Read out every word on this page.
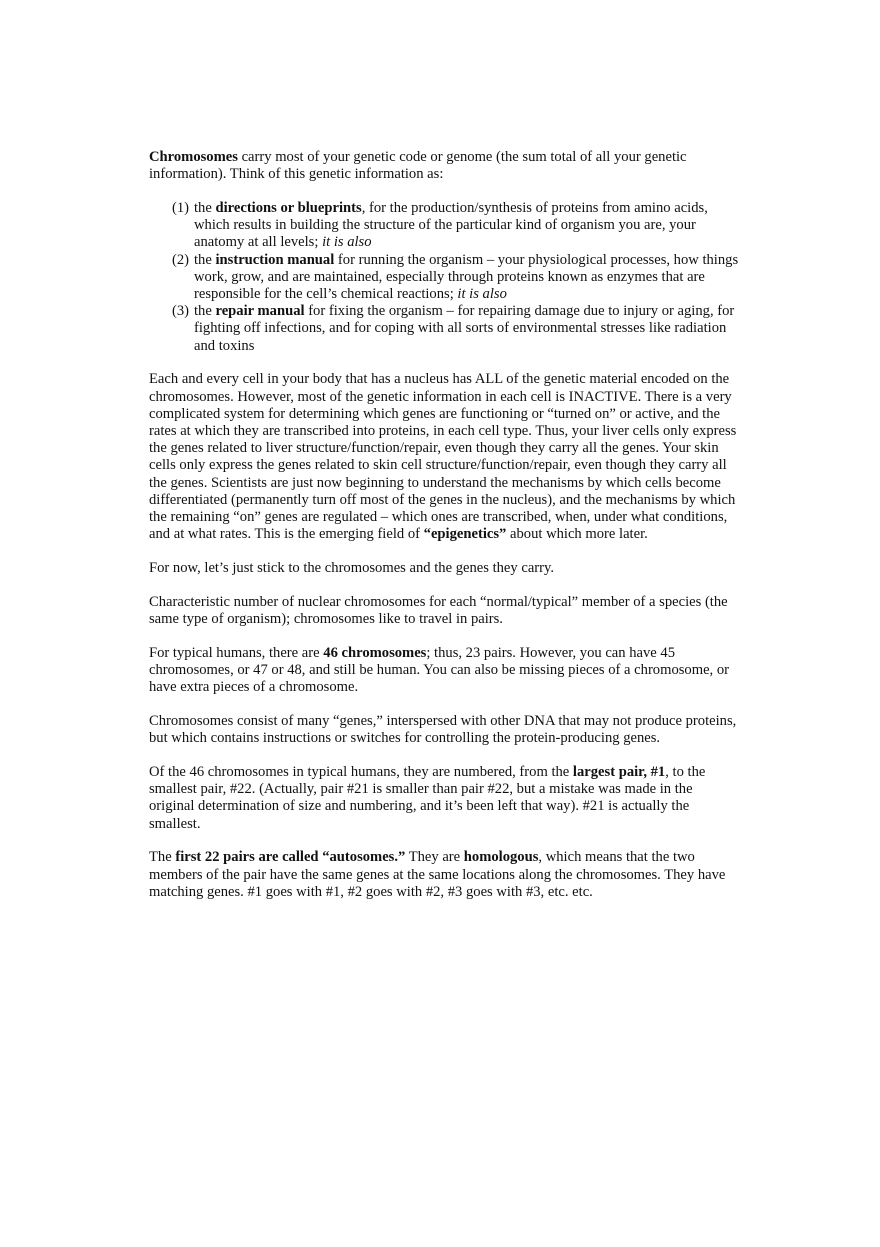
Chromosomes carry most of your genetic code or genome (the sum total of all your genetic information). Think of this genetic information as:

(1) the directions or blueprints, for the production/synthesis of proteins from amino acids, which results in building the structure of the particular kind of organism you are, your anatomy at all levels; it is also
(2) the instruction manual for running the organism – your physiological processes, how things work, grow, and are maintained, especially through proteins known as enzymes that are responsible for the cell’s chemical reactions; it is also
(3) the repair manual for fixing the organism – for repairing damage due to injury or aging, for fighting off infections, and for coping with all sorts of environmental stresses like radiation and toxins

Each and every cell in your body that has a nucleus has ALL of the genetic material encoded on the chromosomes. However, most of the genetic information in each cell is INACTIVE. There is a very complicated system for determining which genes are functioning or “turned on” or active, and the rates at which they are transcribed into proteins, in each cell type. Thus, your liver cells only express the genes related to liver structure/function/repair, even though they carry all the genes. Your skin cells only express the genes related to skin cell structure/function/repair, even though they carry all the genes. Scientists are just now beginning to understand the mechanisms by which cells become differentiated (permanently turn off most of the genes in the nucleus), and the mechanisms by which the remaining “on” genes are regulated – which ones are transcribed, when, under what conditions, and at what rates. This is the emerging field of “epigenetics” about which more later.

For now, let’s just stick to the chromosomes and the genes they carry.

Characteristic number of nuclear chromosomes for each “normal/typical” member of a species (the same type of organism); chromosomes like to travel in pairs.

For typical humans, there are 46 chromosomes; thus, 23 pairs. However, you can have 45 chromosomes, or 47 or 48, and still be human. You can also be missing pieces of a chromosome, or have extra pieces of a chromosome.

Chromosomes consist of many “genes,” interspersed with other DNA that may not produce proteins, but which contains instructions or switches for controlling the protein-producing genes.

Of the 46 chromosomes in typical humans, they are numbered, from the largest pair, #1, to the smallest pair, #22. (Actually, pair #21 is smaller than pair #22, but a mistake was made in the original determination of size and numbering, and it’s been left that way). #21 is actually the smallest.

The first 22 pairs are called “autosomes.” They are homologous, which means that the two members of the pair have the same genes at the same locations along the chromosomes. They have matching genes. #1 goes with #1, #2 goes with #2, #3 goes with #3, etc. etc.
